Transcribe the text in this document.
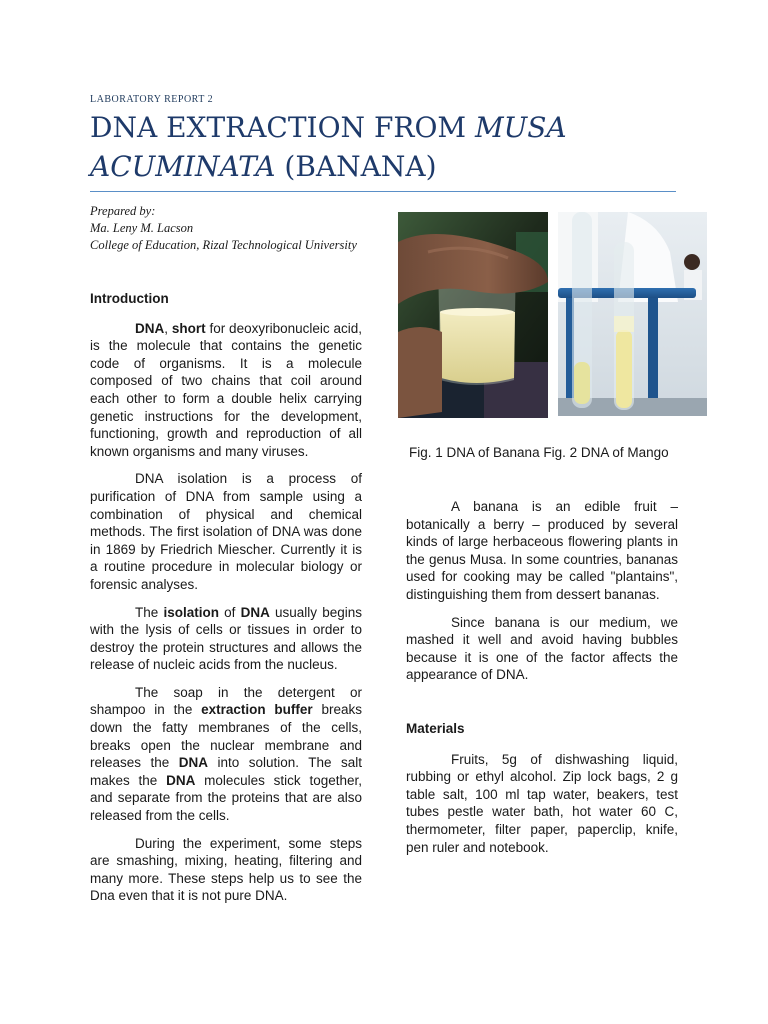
LABORATORY REPORT 2
DNA EXTRACTION FROM MUSA ACUMINATA (BANANA)
Prepared by:
Ma. Leny M. Lacson
College of Education, Rizal Technological University
Introduction

DNA, short for deoxyribonucleic acid, is the molecule that contains the genetic code of organisms. It is a molecule composed of two chains that coil around each other to form a double helix carrying genetic instructions for the development, functioning, growth and reproduction of all known organisms and many viruses.

DNA isolation is a process of purification of DNA from sample using a combination of physical and chemical methods. The first isolation of DNA was done in 1869 by Friedrich Miescher. Currently it is a routine procedure in molecular biology or forensic analyses.

The isolation of DNA usually begins with the lysis of cells or tissues in order to destroy the protein structures and allows the release of nucleic acids from the nucleus.

The soap in the detergent or shampoo in the extraction buffer breaks down the fatty membranes of the cells, breaks open the nuclear membrane and releases the DNA into solution. The salt makes the DNA molecules stick together, and separate from the proteins that are also released from the cells.

During the experiment, some steps are smashing, mixing, heating, filtering and many more. These steps help us to see the Dna even that it is not pure DNA.

Fig. 1 DNA of Banana Fig. 2 DNA of Mango

A banana is an edible fruit – botanically a berry – produced by several kinds of large herbaceous flowering plants in the genus Musa. In some countries, bananas used for cooking may be called "plantains", distinguishing them from dessert bananas.

Since banana is our medium, we mashed it well and avoid having bubbles because it is one of the factor affects the appearance of DNA.

Materials

Fruits, 5g of dishwashing liquid, rubbing or ethyl alcohol. Zip lock bags, 2 g table salt, 100 ml tap water, beakers, test tubes pestle water bath, hot water 60 C, thermometer, filter paper, paperclip, knife, pen ruler and notebook.
